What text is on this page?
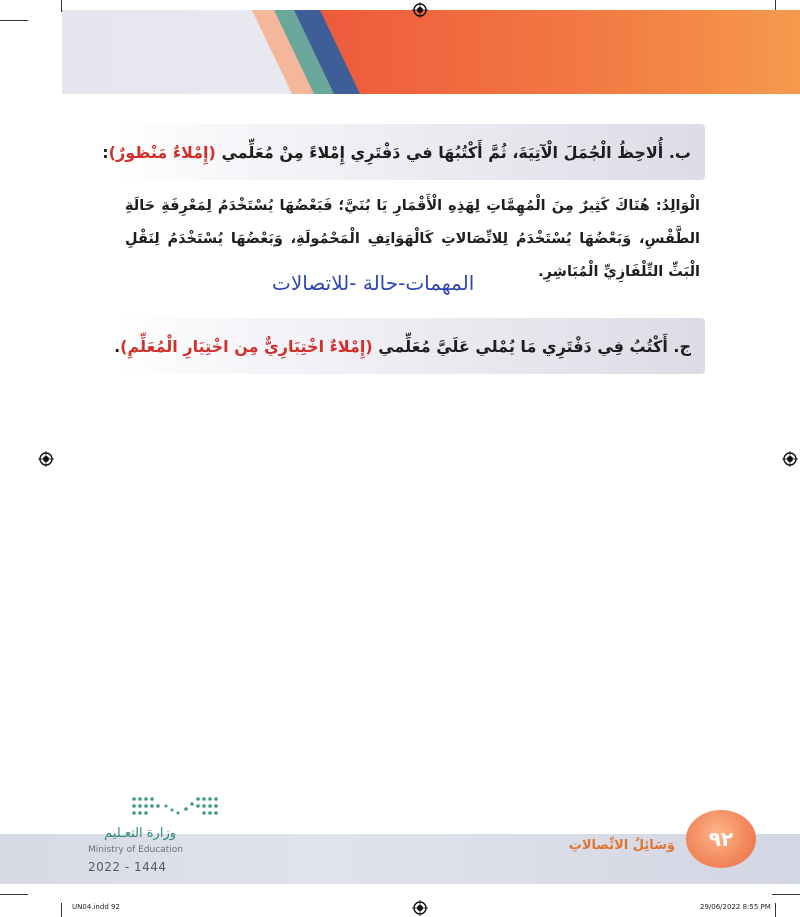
ب. أُلاحِظُ الْجُمَلَ الْآتِيَةَ، ثُمَّ أَكْتُبُهَا في دَفْتَرِي إِمْلاءً مِنْ مُعَلِّمي (إِمْلاءٌ مَنْظورٌ):
الْوَالِدُ: هُنَاكَ كَثِيرٌ مِنَ الْمُهِمَّاتِ لِهَذِهِ الْأَقْمَارِ يَا بُنَيَّ؛ فَبَعْضُهَا يُسْتَخْدَمُ لِمَعْرِفَةِ حَالَةِ
الطَّقْسِ، وَبَعْضُهَا يُسْتَخْدَمُ لِلاتِّصَالاتِ كَالْهَوَاتِفِ الْمَحْمُولَةِ، وَبَعْضُهَا يُسْتَخْدَمُ لِنَقْلِ
الْبَثِّ التِّلْفَازِيِّ الْمُبَاشِرِ.
المهمات-حالة -للاتصالات
ج. أَكْتُبُ فِي دَفْتَرِي مَا يُمْلي عَلَيَّ مُعَلِّمي (إِمْلاءٌ اخْتِبَارِيٌّ مِن اخْتِيَارِ الْمُعَلِّمِ).
٩٢
وَسَائِلُ الاتِّصالاتِ
وزارة التعـليم
Ministry of Education
2022 - 1444
UN04.indd 92	29/06/2022 8:55 PM
